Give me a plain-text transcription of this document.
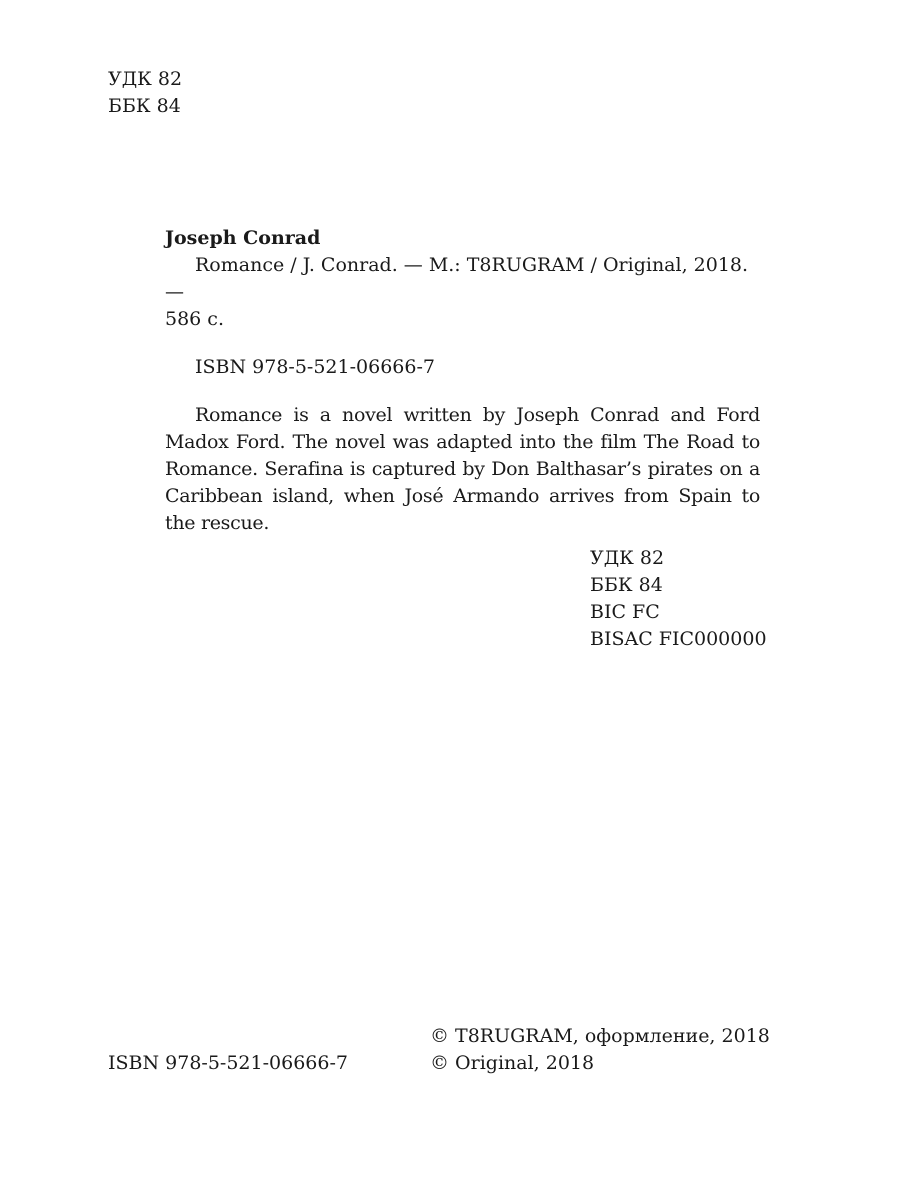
УДК 82
ББК 84

Joseph Conrad

Romance / J. Conrad. — M.: T8RUGRAM / Original, 2018. —
586 с.

ISBN 978-5-521-06666-7

Romance is a novel written by Joseph Conrad and Ford Madox Ford. The novel was adapted into the film The Road to Romance. Serafina is captured by Don Balthasar’s pirates on a Caribbean island, when José Armando arrives from Spain to the rescue.

УДК 82
ББК 84
BIC FC
BISAC FIC000000
ISBN 978-5-521-06666-7
© T8RUGRAM, оформление, 2018
© Original, 2018
